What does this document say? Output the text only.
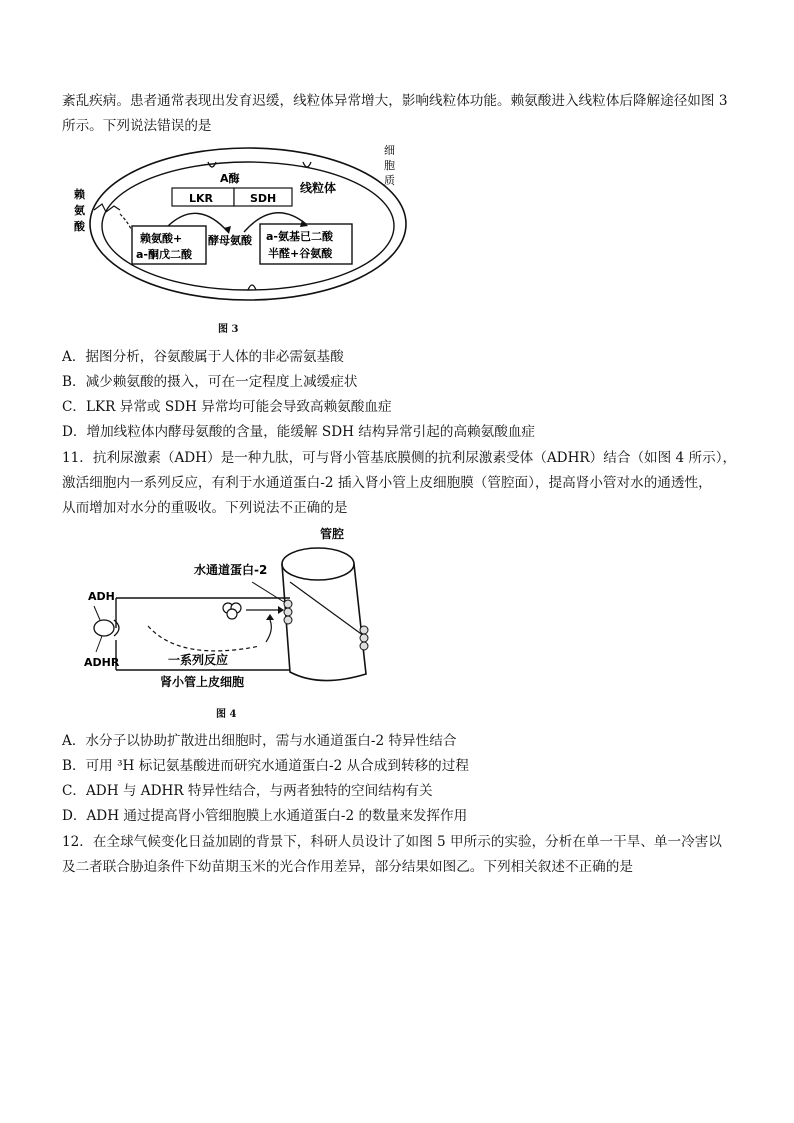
紊乱疾病。患者通常表现出发育迟缓，线粒体异常增大，影响线粒体功能。赖氨酸进入线粒体后降解途径如图 3
所示。下列说法错误的是
细
胞
质
赖
氨
酸
线粒体
A酶
LKR	SDH
赖氨酸+
a-酮戊二酸
酵母氨酸 a-氨基已二酸
半醛+谷氨酸
图 3
A．据图分析，谷氨酸属于人体的非必需氨基酸
B．减少赖氨酸的摄入，可在一定程度上减缓症状
C．LKR 异常或 SDH 异常均可能会导致高赖氨酸血症
D．增加线粒体内酵母氨酸的含量，能缓解 SDH 结构异常引起的高赖氨酸血症
11．抗利尿激素（ADH）是一种九肽，可与肾小管基底膜侧的抗利尿激素受体（ADHR）结合（如图 4 所示），
激活细胞内一系列反应，有利于水通道蛋白-2 插入肾小管上皮细胞膜（管腔面），提高肾小管对水的通透性，
从而增加对水分的重吸收。下列说法不正确的是
管腔
水通道蛋白-2
ADH
ADHR	一系列反应
肾小管上皮细胞
图 4
A．水分子以协助扩散进出细胞时，需与水通道蛋白-2 特异性结合
B．可用 ³H 标记氨基酸进而研究水通道蛋白-2 从合成到转移的过程
C．ADH 与 ADHR 特异性结合，与两者独特的空间结构有关
D．ADH 通过提高肾小管细胞膜上水通道蛋白-2 的数量来发挥作用
12．在全球气候变化日益加剧的背景下，科研人员设计了如图 5 甲所示的实验，分析在单一干旱、单一冷害以
及二者联合胁迫条件下幼苗期玉米的光合作用差异，部分结果如图乙。下列相关叙述不正确的是
